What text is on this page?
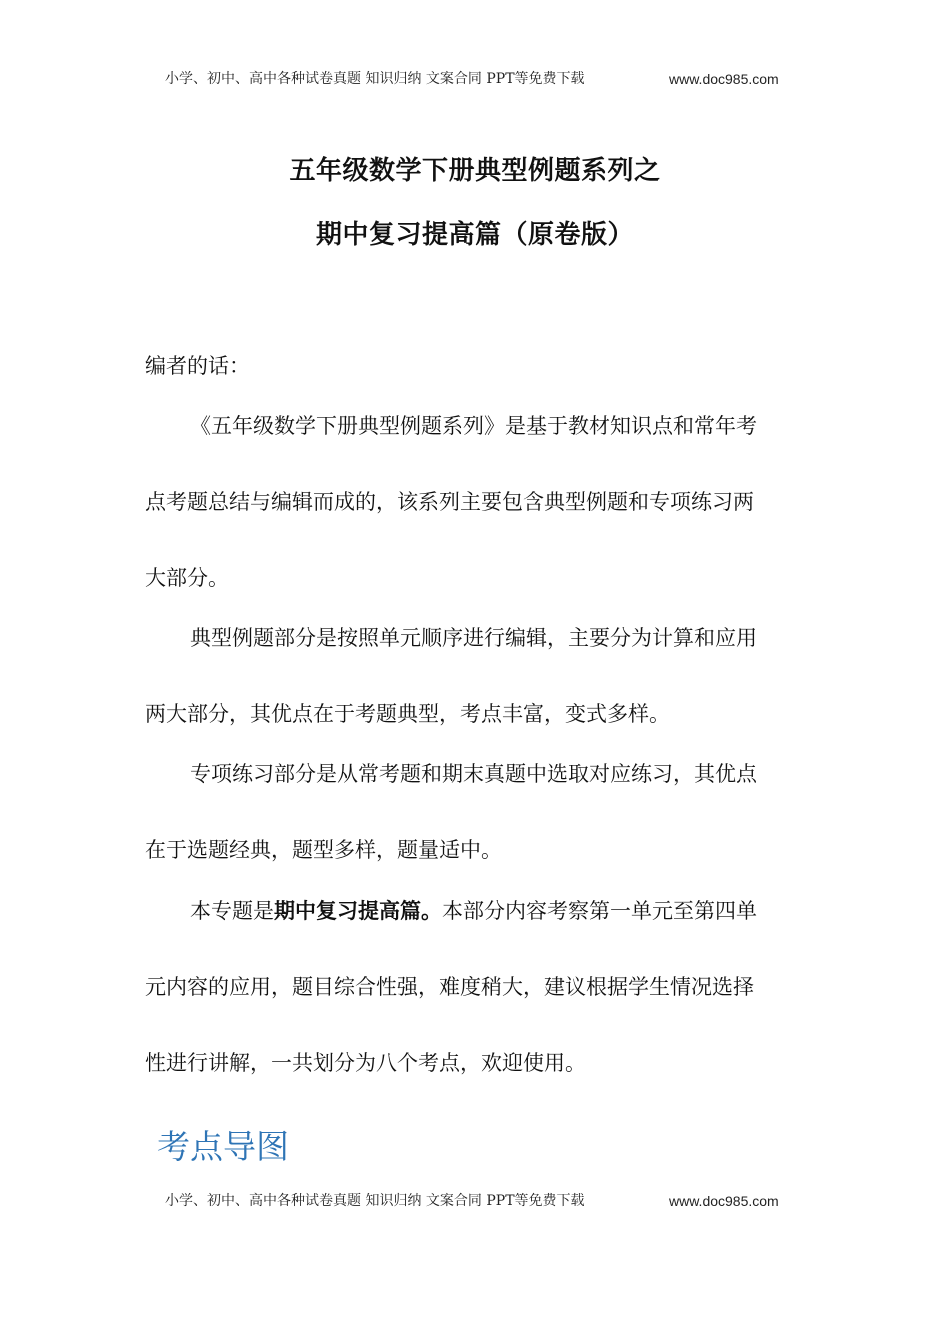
小学、初中、高中各种试卷真题 知识归纳 文案合同 PPT等免费下载	www.doc985.com
五年级数学下册典型例题系列之
期中复习提高篇（原卷版）
编者的话：
《五年级数学下册典型例题系列》是基于教材知识点和常年考
点考题总结与编辑而成的，该系列主要包含典型例题和专项练习两
大部分。
典型例题部分是按照单元顺序进行编辑，主要分为计算和应用
两大部分，其优点在于考题典型，考点丰富，变式多样。
专项练习部分是从常考题和期末真题中选取对应练习，其优点
在于选题经典，题型多样，题量适中。
本专题是期中复习提高篇。本部分内容考察第一单元至第四单
元内容的应用，题目综合性强，难度稍大，建议根据学生情况选择
性进行讲解，一共划分为八个考点，欢迎使用。
考点导图
小学、初中、高中各种试卷真题 知识归纳 文案合同 PPT等免费下载	www.doc985.com
